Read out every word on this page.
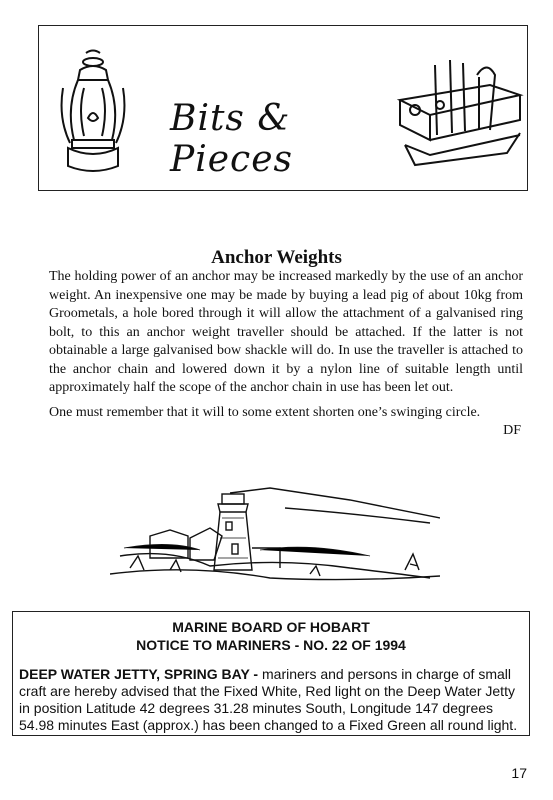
Bits & Pieces
Anchor Weights

The holding power of an anchor may be increased markedly by the use of an anchor weight. An inexpensive one may be made by buying a lead pig of about 10kg from Groometals, a hole bored through it will allow the attachment of a galvanised ring bolt, to this an anchor weight traveller should be attached. If the latter is not obtainable a large galvanised bow shackle will do. In use the traveller is attached to the anchor chain and lowered down it by a nylon line of suitable length until approximately half the scope of the anchor chain in use has been let out.

One must remember that it will to some extent shorten one’s swinging circle.

DF
MARINE BOARD OF HOBART
NOTICE TO MARINERS - NO. 22 OF 1994
DEEP WATER JETTY, SPRING BAY - mariners and persons in charge of small craft are hereby advised that the Fixed White, Red light on the Deep Water Jetty in position Latitude 42 degrees 31.28 minutes South, Longitude 147 degrees 54.98 minutes East (approx.) has been changed to a Fixed Green all round light.
17
